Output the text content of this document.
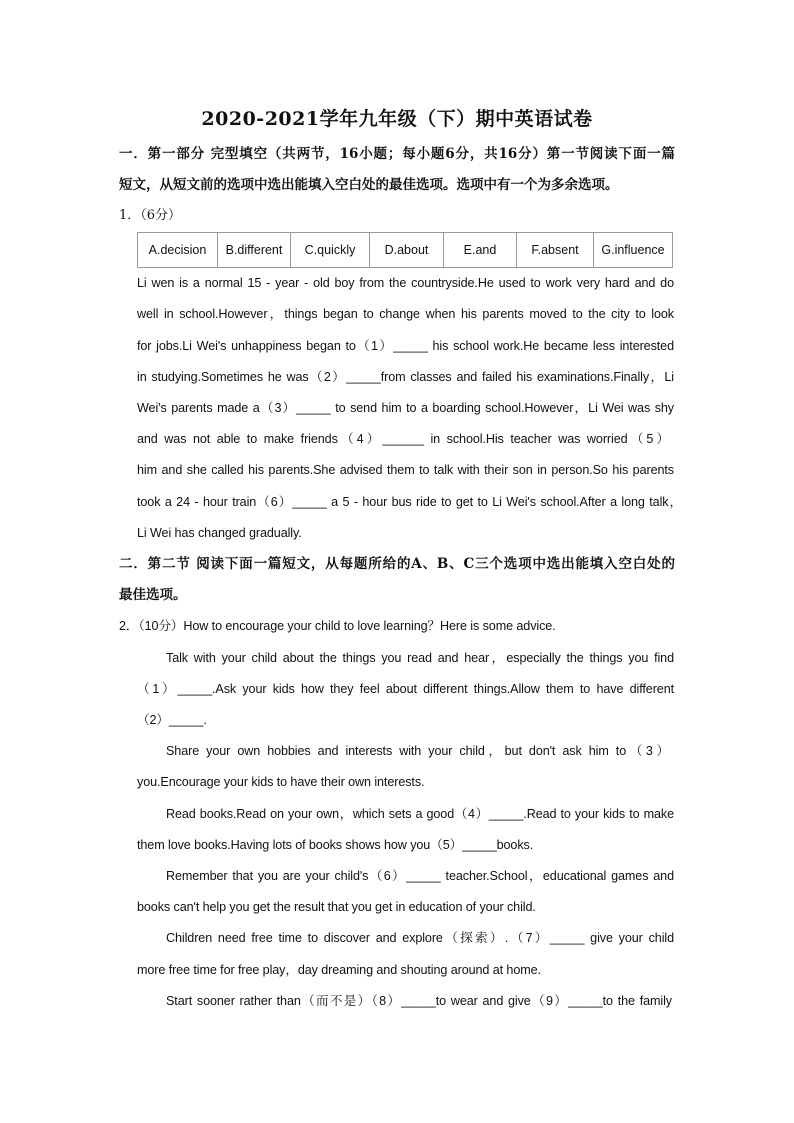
2020-2021学年九年级（下）期中英语试卷
一．第一部分 完型填空（共两节，16小题；每小题6分，共16分）第一节阅读下面一篇
短文，从短文前的选项中选出能填入空白处的最佳选项。选项中有一个为多余选项。
1．（6分）
A.decision	B.different	C.quickly	D.about	E.and	F.absent	G.influence
Li wen is a normal 15 - year - old boy from the countryside.He used to work very hard and do
well in school.However，things began to change when his parents moved to the city to look
for jobs.Li Wei's unhappiness began to（1）_____ his school work.He became less interested
in studying.Sometimes he was（2）_____from classes and failed his examinations.Finally，Li
Wei's parents made a（3）_____ to send him to a boarding school.However，Li Wei was shy
and was not able to make friends（4）______ in school.His teacher was worried（5）
him and she called his parents.She advised them to talk with their son in person.So his parents
took a 24 - hour train（6）_____ a 5 - hour bus ride to get to Li Wei's school.After a long talk，
Li Wei has changed gradually.
二．第二节 阅读下面一篇短文，从每题所给的A、B、C三个选项中选出能填入空白处的
最佳选项。
2．（10分）How to encourage your child to love learning？Here is some advice.
Talk with your child about the things you read and hear，especially the things you find
（1）_____.Ask your kids how they feel about different things.Allow them to have different
（2）_____.
Share your own hobbies and interests with your child，but don't ask him to（3）
you.Encourage your kids to have their own interests.
Read books.Read on your own，which sets a good（4）_____.Read to your kids to make
them love books.Having lots of books shows how you（5）_____books.
Remember that you are your child's（6）_____ teacher.School，educational games and
books can't help you get the result that you get in education of your child.
Children need free time to discover and explore（探索）.（7）_____ give your child
more free time for free play，day dreaming and shouting around at home.
Start sooner rather than（而不是）（8）_____to wear and give（9）_____to the family
